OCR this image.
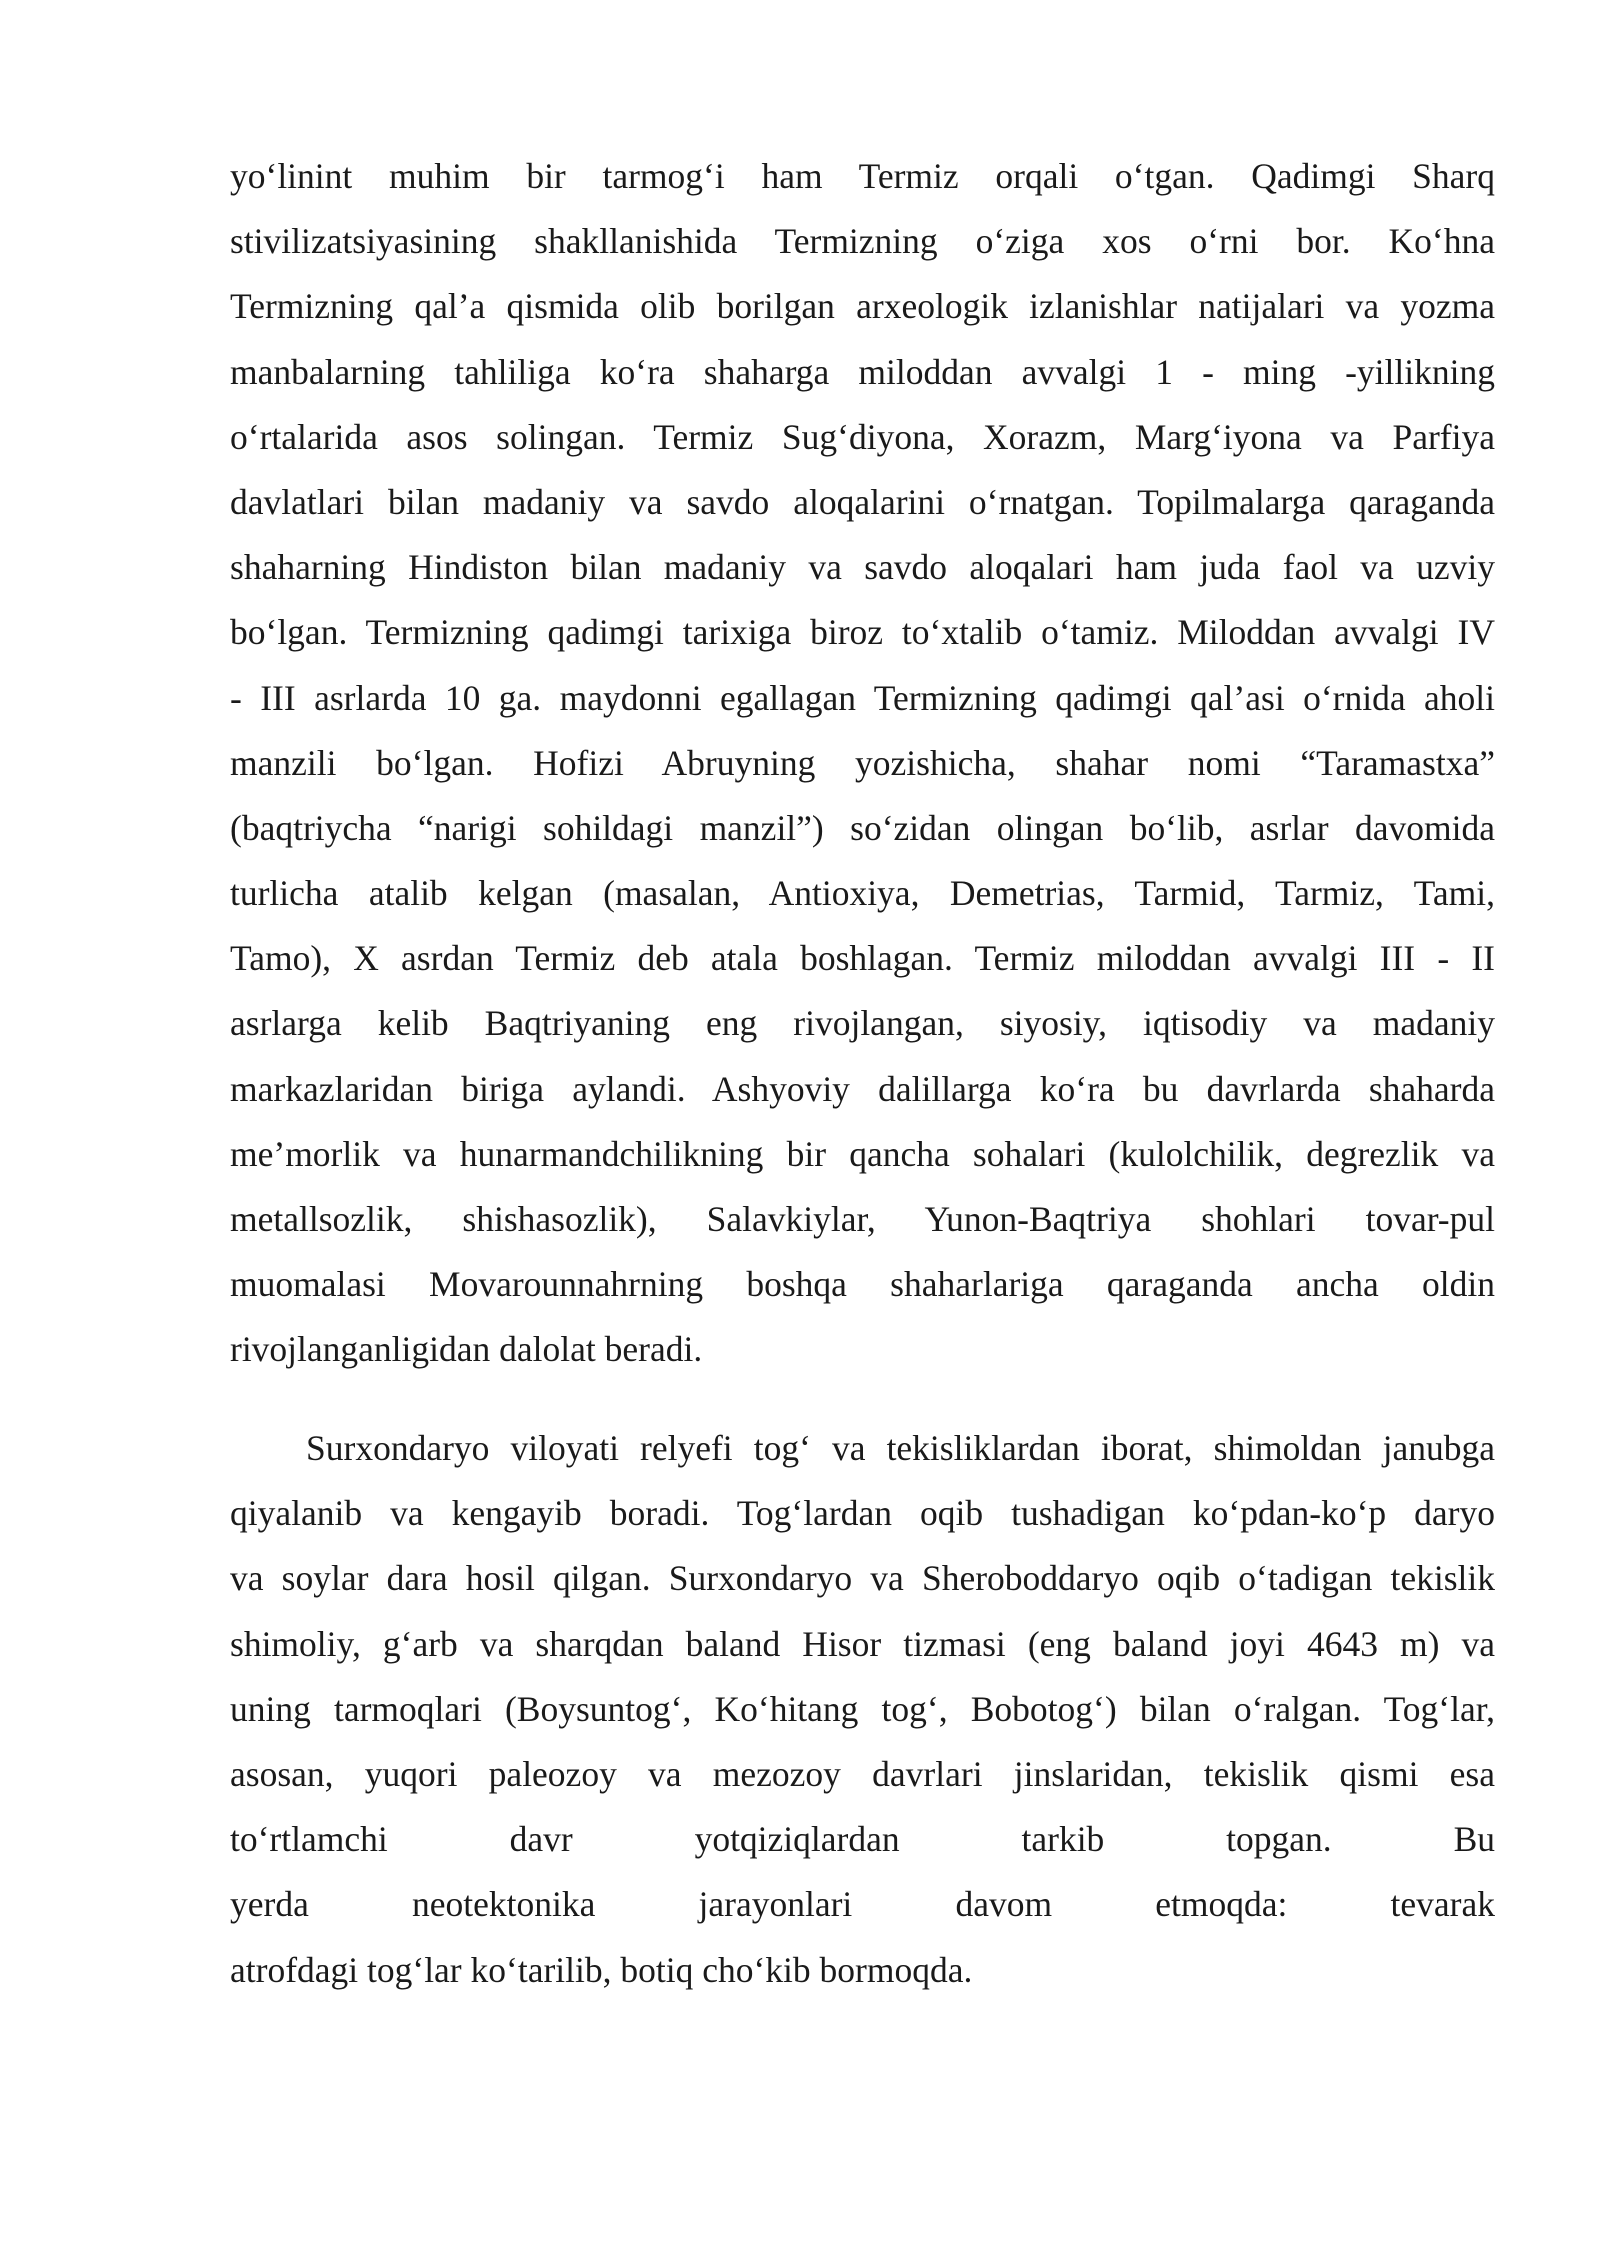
yo‘linint muhim bir tarmog‘i ham Termiz orqali o‘tgan. Qadimgi Sharq
stivilizatsiyasining shakllanishida Termizning o‘ziga xos o‘rni bor. Ko‘hna
Termizning qal’a qismida olib borilgan arxeologik izlanishlar natijalari va yozma
manbalarning tahliliga ko‘ra shaharga miloddan avvalgi 1 - ming -yillikning
o‘rtalarida asos solingan. Termiz Sug‘diyona, Xorazm, Marg‘iyona va Parfiya
davlatlari bilan madaniy va savdo aloqalarini o‘rnatgan. Topilmalarga qaraganda
shaharning Hindiston bilan madaniy va savdo aloqalari ham juda faol va uzviy
bo‘lgan. Termizning qadimgi tarixiga biroz to‘xtalib o‘tamiz. Miloddan avvalgi IV
- III asrlarda 10 ga. maydonni egallagan Termizning qadimgi qal’asi o‘rnida aholi
manzili bo‘lgan. Hofizi Abruyning yozishicha, shahar nomi “Taramastxa”
(baqtriycha “narigi sohildagi manzil”) so‘zidan olingan bo‘lib, asrlar davomida
turlicha atalib kelgan (masalan, Antioxiya, Demetrias, Tarmid, Tarmiz, Tami,
Tamo), X asrdan Termiz deb atala boshlagan. Termiz miloddan avvalgi III - II
asrlarga kelib Baqtriyaning eng rivojlangan, siyosiy, iqtisodiy va madaniy
markazlaridan biriga aylandi. Ashyoviy dalillarga ko‘ra bu davrlarda shaharda
me’morlik va hunarmandchilikning bir qancha sohalari (kulolchilik, degrezlik va
metallsozlik, shishasozlik), Salavkiylar, Yunon-Baqtriya shohlari tovar-pul
muomalasi Movarounnahrning boshqa shaharlariga qaraganda ancha oldin
rivojlanganligidan dalolat beradi.
Surxondaryo viloyati relyefi tog‘ va tekisliklardan iborat, shimoldan janubga
qiyalanib va kengayib boradi. Tog‘lardan oqib tushadigan ko‘pdan-ko‘p daryo
va soylar dara hosil qilgan. Surxondaryo va Sheroboddaryo oqib o‘tadigan tekislik
shimoliy, g‘arb va sharqdan baland Hisor tizmasi (eng baland joyi 4643 m) va
uning tarmoqlari (Boysuntog‘, Ko‘hitang tog‘, Bobotog‘) bilan o‘ralgan. Tog‘lar,
asosan, yuqori paleozoy va mezozoy davrlari jinslaridan, tekislik qismi esa
to‘rtlamchi davr yotqiziqlardan tarkib topgan. Bu
yerda neotektonika jarayonlari davom etmoqda: tevarak
atrofdagi tog‘lar ko‘tarilib, botiq cho‘kib bormoqda.
